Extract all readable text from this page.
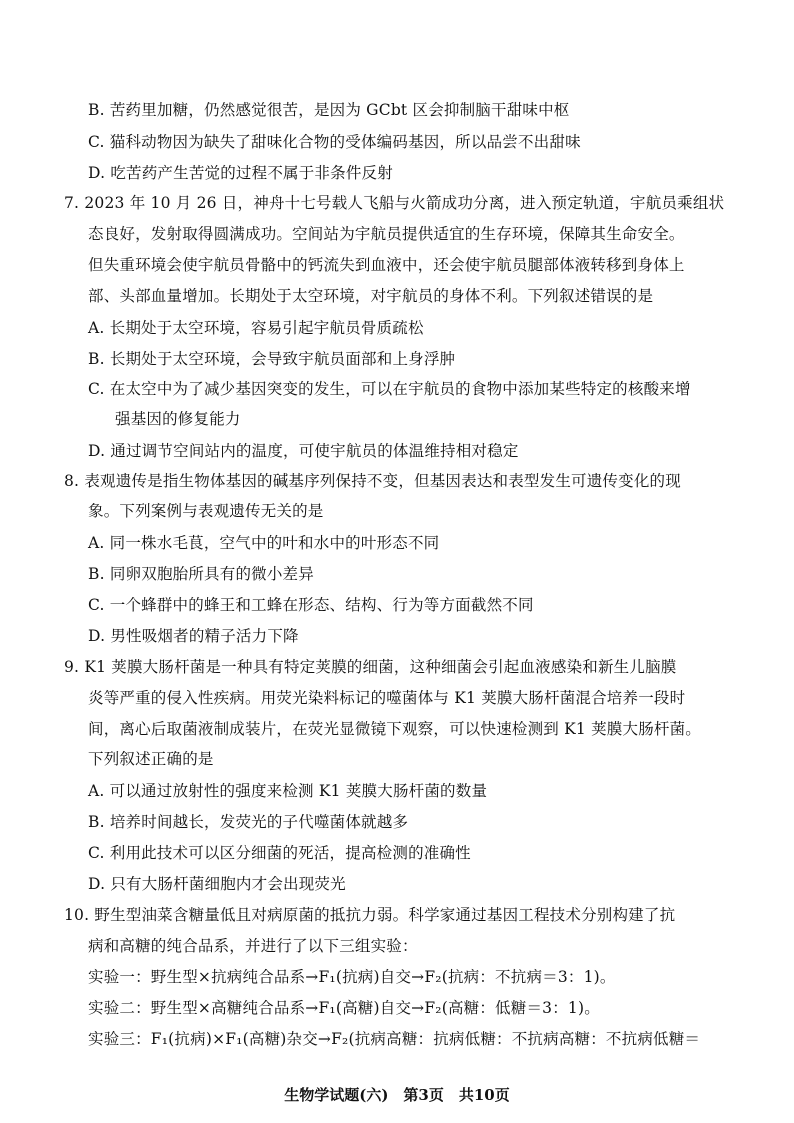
B. 苦药里加糖，仍然感觉很苦，是因为 GCbt 区会抑制脑干甜味中枢
C. 猫科动物因为缺失了甜味化合物的受体编码基因，所以品尝不出甜味
D. 吃苦药产生苦觉的过程不属于非条件反射
7. 2023 年 10 月 26 日，神舟十七号载人飞船与火箭成功分离，进入预定轨道，宇航员乘组状
态良好，发射取得圆满成功。空间站为宇航员提供适宜的生存环境，保障其生命安全。
但失重环境会使宇航员骨骼中的钙流失到血液中，还会使宇航员腿部体液转移到身体上
部、头部血量增加。长期处于太空环境，对宇航员的身体不利。下列叙述错误的是
A. 长期处于太空环境，容易引起宇航员骨质疏松
B. 长期处于太空环境，会导致宇航员面部和上身浮肿
C. 在太空中为了减少基因突变的发生，可以在宇航员的食物中添加某些特定的核酸来增
强基因的修复能力
D. 通过调节空间站内的温度，可使宇航员的体温维持相对稳定
8. 表观遗传是指生物体基因的碱基序列保持不变，但基因表达和表型发生可遗传变化的现
象。下列案例与表观遗传无关的是
A. 同一株水毛茛，空气中的叶和水中的叶形态不同
B. 同卵双胞胎所具有的微小差异
C. 一个蜂群中的蜂王和工蜂在形态、结构、行为等方面截然不同
D. 男性吸烟者的精子活力下降
9. K1 荚膜大肠杆菌是一种具有特定荚膜的细菌，这种细菌会引起血液感染和新生儿脑膜
炎等严重的侵入性疾病。用荧光染料标记的噬菌体与 K1 荚膜大肠杆菌混合培养一段时
间，离心后取菌液制成装片，在荧光显微镜下观察，可以快速检测到 K1 荚膜大肠杆菌。
下列叙述正确的是
A. 可以通过放射性的强度来检测 K1 荚膜大肠杆菌的数量
B. 培养时间越长，发荧光的子代噬菌体就越多
C. 利用此技术可以区分细菌的死活，提高检测的准确性
D. 只有大肠杆菌细胞内才会出现荧光
10. 野生型油菜含糖量低且对病原菌的抵抗力弱。科学家通过基因工程技术分别构建了抗
病和高糖的纯合品系，并进行了以下三组实验：
实验一：野生型×抗病纯合品系→F₁(抗病)自交→F₂(抗病：不抗病＝3：1)。
实验二：野生型×高糖纯合品系→F₁(高糖)自交→F₂(高糖：低糖＝3：1)。
实验三：F₁(抗病)×F₁(高糖)杂交→F₂(抗病高糖：抗病低糖：不抗病高糖：不抗病低糖＝
生物学试题(六)　第3页　共10页
